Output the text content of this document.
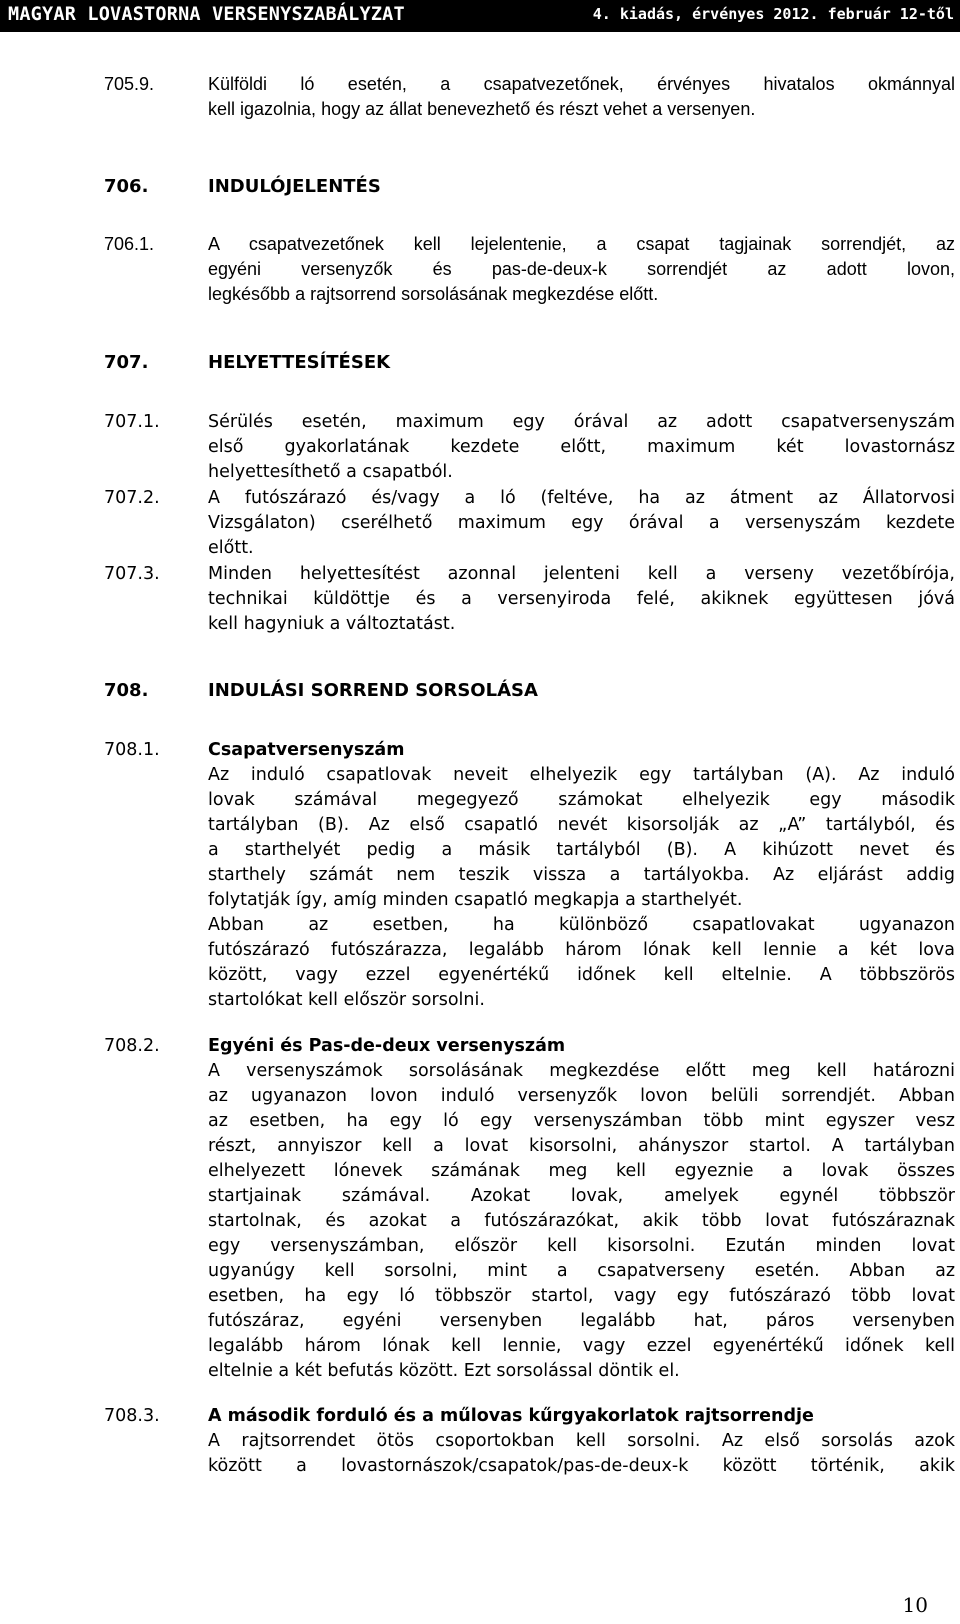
MAGYAR LOVASTORNA VERSENYSZABÁLYZAT	4. kiadás, érvényes 2012. február 12-től
705.9.	Külföldi ló esetén, a csapatvezetőnek, érvényes hivatalos okmánnyal
kell igazolnia, hogy az állat benevezhető és részt vehet a versenyen.
706.	INDULÓJELENTÉS
706.1.	A csapatvezetőnek kell lejelentenie, a csapat tagjainak sorrendjét, az
egyéni versenyzők és pas-de-deux-k sorrendjét az adott lovon,
legkésőbb a rajtsorrend sorsolásának megkezdése előtt.
707.	HELYETTESÍTÉSEK
707.1.	Sérülés esetén, maximum egy órával az adott csapatversenyszám
első gyakorlatának kezdete előtt, maximum két lovastornász
helyettesíthető a csapatból.
707.2.	A futószárazó és/vagy a ló (feltéve, ha az átment az Állatorvosi
Vizsgálaton) cserélhető maximum egy órával a versenyszám kezdete
előtt.
707.3.	Minden helyettesítést azonnal jelenteni kell a verseny vezetőbírója,
technikai küldöttje és a versenyiroda felé, akiknek együttesen jóvá
kell hagyniuk a változtatást.
708.	INDULÁSI SORREND SORSOLÁSA
708.1.	Csapatversenyszám
Az induló csapatlovak neveit elhelyezik egy tartályban (A). Az induló
lovak számával megegyező számokat elhelyezik egy második
tartályban (B). Az első csapatló nevét kisorsolják az „A” tartályból, és
a starthelyét pedig a másik tartályból (B). A kihúzott nevet és
starthely számát nem teszik vissza a tartályokba. Az eljárást addig
folytatják így, amíg minden csapatló megkapja a starthelyét.
Abban az esetben, ha különböző csapatlovakat ugyanazon
futószárazó futószárazza, legalább három lónak kell lennie a két lova
között, vagy ezzel egyenértékű időnek kell eltelnie. A többszörös
startolókat kell először sorsolni.
708.2.	Egyéni és Pas-de-deux versenyszám
A versenyszámok sorsolásának megkezdése előtt meg kell határozni
az ugyanazon lovon induló versenyzők lovon belüli sorrendjét. Abban
az esetben, ha egy ló egy versenyszámban több mint egyszer vesz
részt, annyiszor kell a lovat kisorsolni, ahányszor startol. A tartályban
elhelyezett lónevek számának meg kell egyeznie a lovak összes
startjainak számával. Azokat lovak, amelyek egynél többször
startolnak, és azokat a futószárazókat, akik több lovat futószáraznak
egy versenyszámban, először kell kisorsolni. Ezután minden lovat
ugyanúgy kell sorsolni, mint a csapatverseny esetén. Abban az
esetben, ha egy ló többször startol, vagy egy futószárazó több lovat
futószáraz, egyéni versenyben legalább hat, páros versenyben
legalább három lónak kell lennie, vagy ezzel egyenértékű időnek kell
eltelnie a két befutás között. Ezt sorsolással döntik el.
708.3.	A második forduló és a műlovas kűrgyakorlatok rajtsorrendje
A rajtsorrendet ötös csoportokban kell sorsolni. Az első sorsolás azok
között a lovastornászok/csapatok/pas-de-deux-k között történik, akik
10
